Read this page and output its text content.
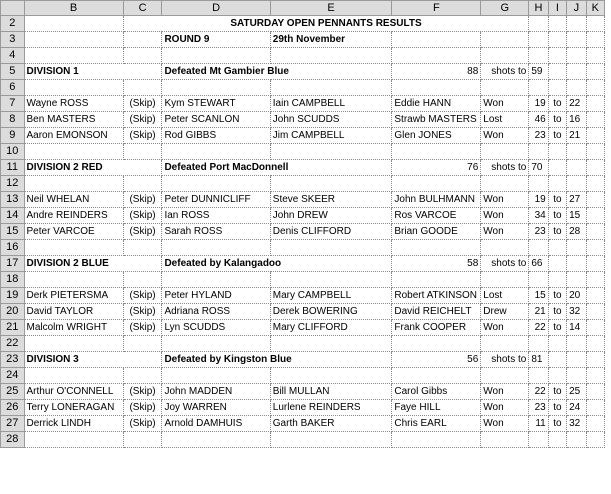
	B	C	D	E	F	G	H	I	J	K
2		SATURDAY OPEN PENNANTS RESULTS								
3			ROUND 9	29th November						
4										
5	DIVISION 1		Defeated Mt Gambier Blue		88	shots to	59			
6										
7	Wayne ROSS	(Skip)	Kym STEWART	Iain CAMPBELL	Eddie HANN	Won	19	to	22	
8	Ben MASTERS	(Skip)	Peter SCANLON	John SCUDDS	Strawb MASTERS	Lost	46	to	16	
9	Aaron EMONSON	(Skip)	Rod GIBBS	Jim CAMPBELL	Glen JONES	Won	23	to	21	
10										
11	DIVISION 2 RED		Defeated Port MacDonnell		76	shots to	70			
12										
13	Neil WHELAN	(Skip)	Peter DUNNICLIFF	Steve SKEER	John BULHMANN	Won	19	to	27	
14	Andre REINDERS	(Skip)	Ian ROSS	John DREW	Ros VARCOE	Won	34	to	15	
15	Peter VARCOE	(Skip)	Sarah ROSS	Denis CLIFFORD	Brian GOODE	Won	23	to	28	
16										
17	DIVISION 2 BLUE		Defeated by Kalangadoo		58	shots to	66			
18										
19	Derk PIETERSMA	(Skip)	Peter HYLAND	Mary CAMPBELL	Robert ATKINSON	Lost	15	to	20	
20	David TAYLOR	(Skip)	Adriana ROSS	Derek BOWERING	David REICHELT	Drew	21	to	32	
21	Malcolm WRIGHT	(Skip)	Lyn SCUDDS	Mary CLIFFORD	Frank COOPER	Won	22	to	14	
22										
23	DIVISION 3		Defeated by Kingston Blue		56	shots to	81			
24										
25	Arthur O'CONNELL	(Skip)	John MADDEN	Bill MULLAN	Carol Gibbs	Won	22	to	25	
26	Terry LONERAGAN	(Skip)	Joy WARREN	Lurlene REINDERS	Faye HILL	Won	23	to	24	
27	Derrick LINDH	(Skip)	Arnold DAMHUIS	Garth BAKER	Chris EARL	Won	11	to	32	
28										
